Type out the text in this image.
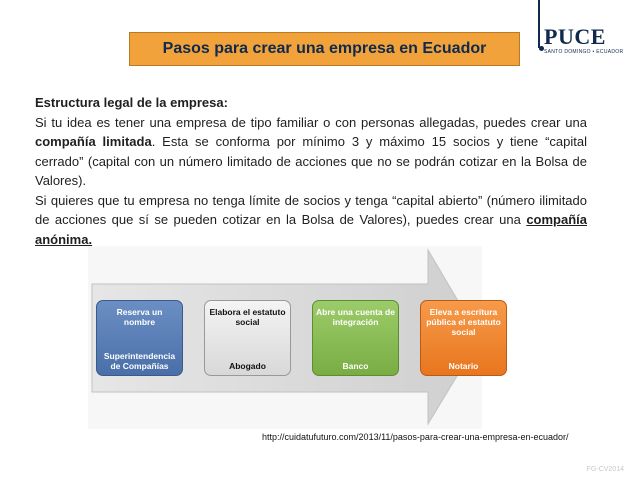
Pasos para crear una empresa en Ecuador	PUCE
SANTO DOMINGO • ECUADOR

Estructura legal de la empresa:

Si tu idea es tener una empresa de tipo familiar o con personas allegadas, puedes crear una compañía limitada. Esta se conforma por mínimo 3 y máximo 15 socios y tiene “capital cerrado” (capital con un número limitado de acciones que no se podrán cotizar en la Bolsa de Valores).

Si quieres que tu empresa no tenga límite de socios y tenga “capital abierto” (número ilimitado de acciones que sí se pueden cotizar en la Bolsa de Valores), puedes crear una compañía anónima.

Reserva un nombre
Superintendencia de Compañías
Elabora el estatuto social
Abogado
Abre una cuenta de integración
Banco
Eleva a escritura pública el estatuto social
Notario
http://cuidatufuturo.com/2013/11/pasos-para-crear-una-empresa-en-ecuador/
FG-CV2014
